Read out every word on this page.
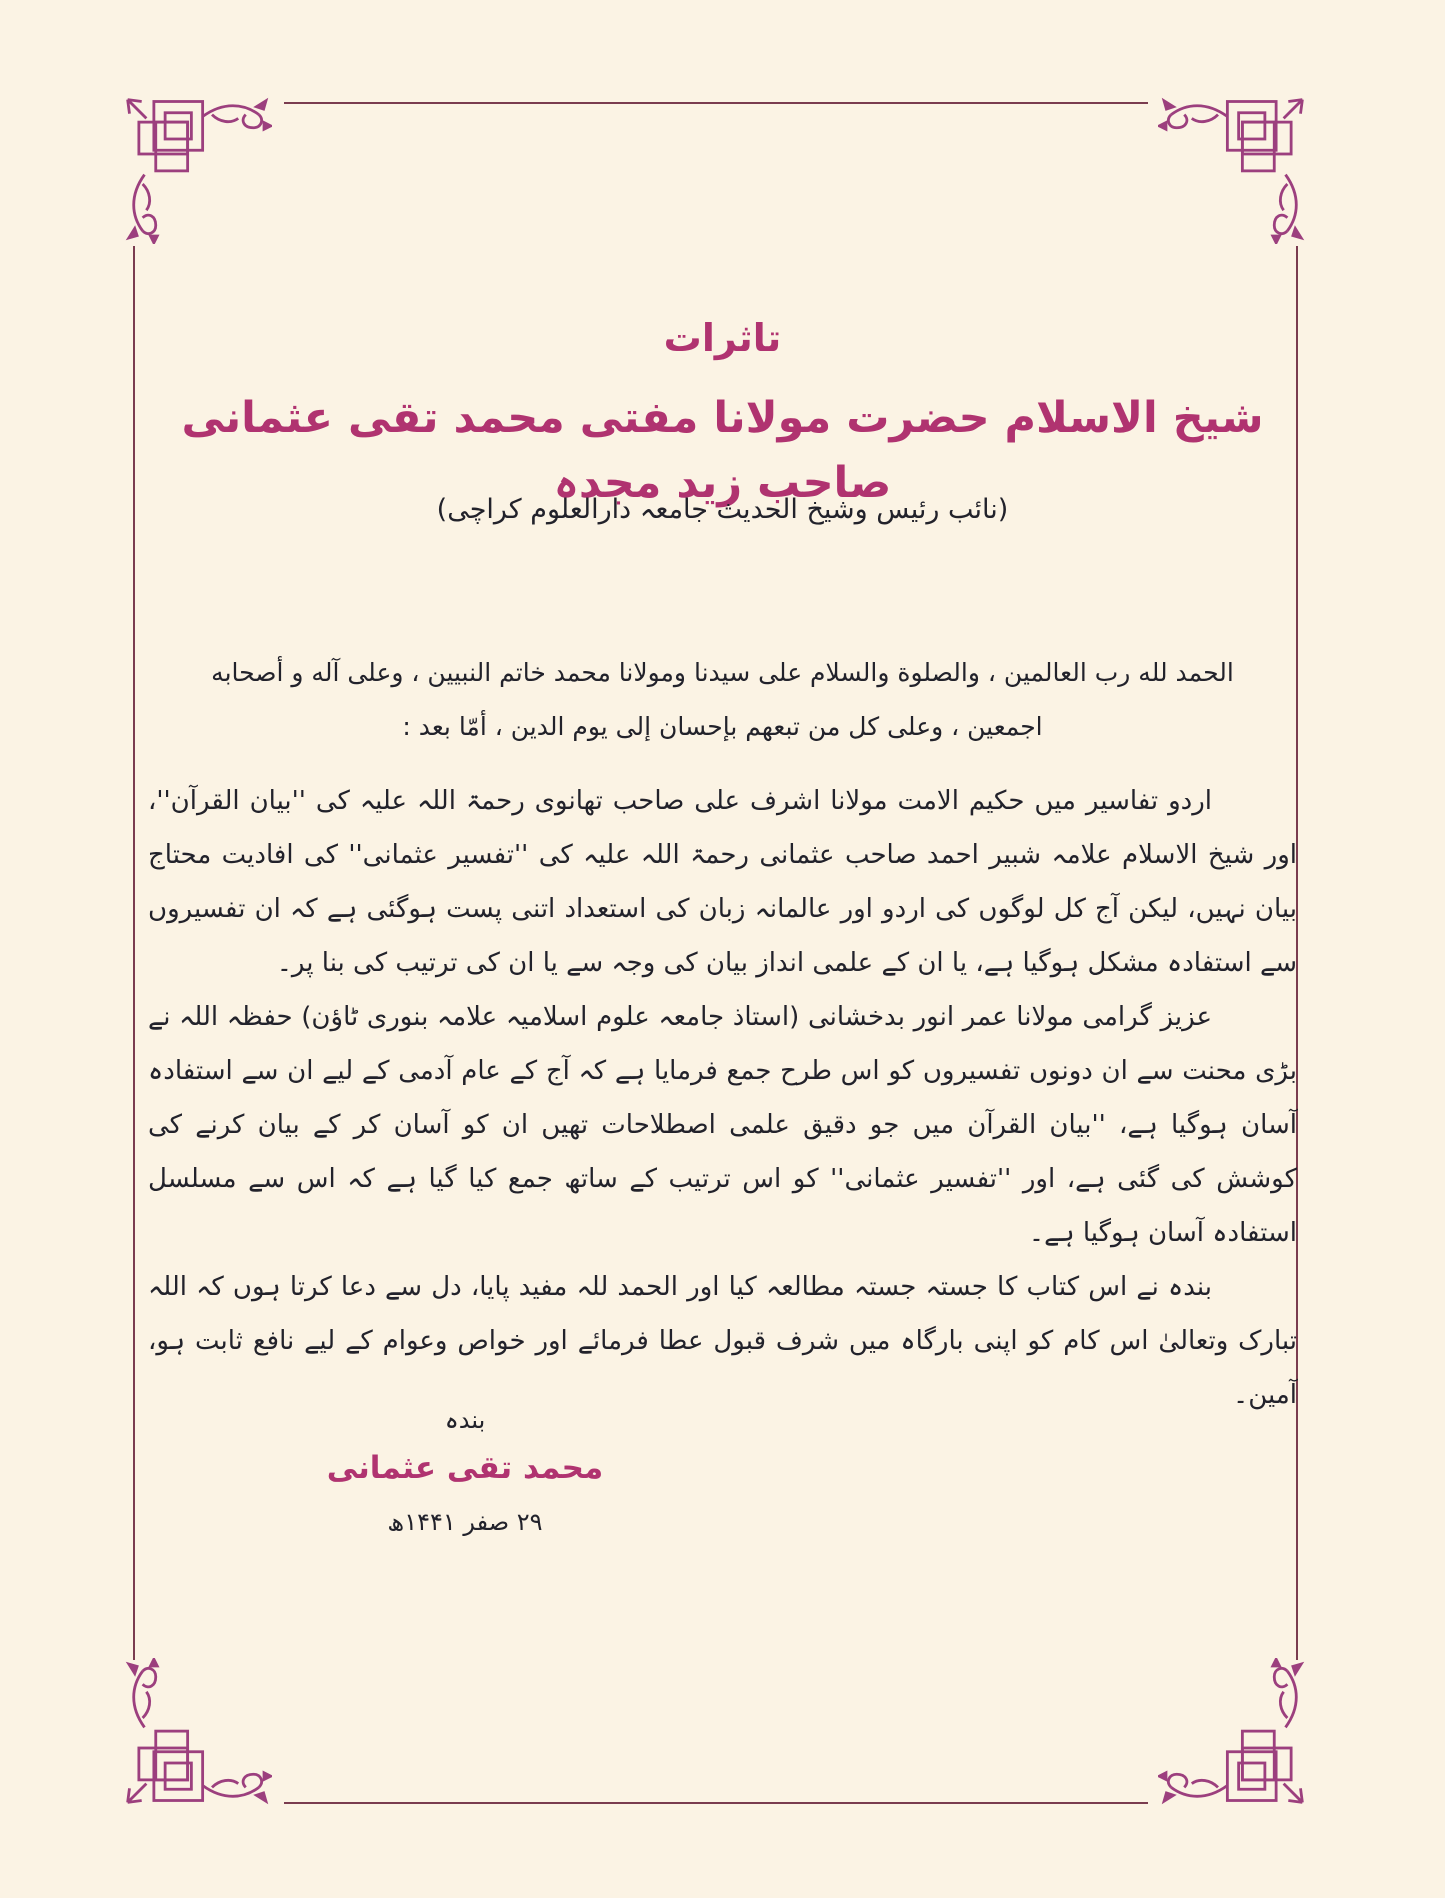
تاثرات
شیخ الاسلام حضرت مولانا مفتی محمد تقی عثمانی صاحب زید مجدہ
(نائب رئیس وشیخ الحدیث جامعہ دارالعلوم کراچی)
الحمد لله رب العالمين ، والصلوة والسلام على سيدنا ومولانا محمد خاتم النبيين ، وعلى آله و أصحابه
اجمعين ، وعلى كل من تبعهم بإحسان إلى يوم الدين ، أمّا بعد :

اردو تفاسیر میں حکیم الامت مولانا اشرف علی صاحب تھانوی رحمۃ اللہ علیہ کی ''بیان القرآن''، اور شیخ الاسلام علامہ شبیر احمد صاحب عثمانی رحمۃ اللہ علیہ کی ''تفسیر عثمانی'' کی افادیت محتاج بیان نہیں، لیکن آج کل لوگوں کی اردو اور عالمانہ زبان کی استعداد اتنی پست ہوگئی ہے کہ ان تفسیروں سے استفادہ مشکل ہوگیا ہے، یا ان کے علمی انداز بیان کی وجہ سے یا ان کی ترتیب کی بنا پر۔

عزیز گرامی مولانا عمر انور بدخشانی (استاذ جامعہ علوم اسلامیہ علامہ بنوری ٹاؤن) حفظہ اللہ نے بڑی محنت سے ان دونوں تفسیروں کو اس طرح جمع فرمایا ہے کہ آج کے عام آدمی کے لیے ان سے استفادہ آسان ہوگیا ہے، ''بیان القرآن میں جو دقیق علمی اصطلاحات تھیں ان کو آسان کر کے بیان کرنے کی کوشش کی گئی ہے، اور ''تفسیر عثمانی'' کو اس ترتیب کے ساتھ جمع کیا گیا ہے کہ اس سے مسلسل استفادہ آسان ہوگیا ہے۔

بندہ نے اس کتاب کا جستہ جستہ مطالعہ کیا اور الحمد للہ مفید پایا، دل سے دعا کرتا ہوں کہ اللہ تبارک وتعالیٰ اس کام کو اپنی بارگاہ میں شرف قبول عطا فرمائے اور خواص وعوام کے لیے نافع ثابت ہو، آمین۔

بندہ
محمد تقی عثمانی
۲۹ صفر ۱۴۴۱ھ
